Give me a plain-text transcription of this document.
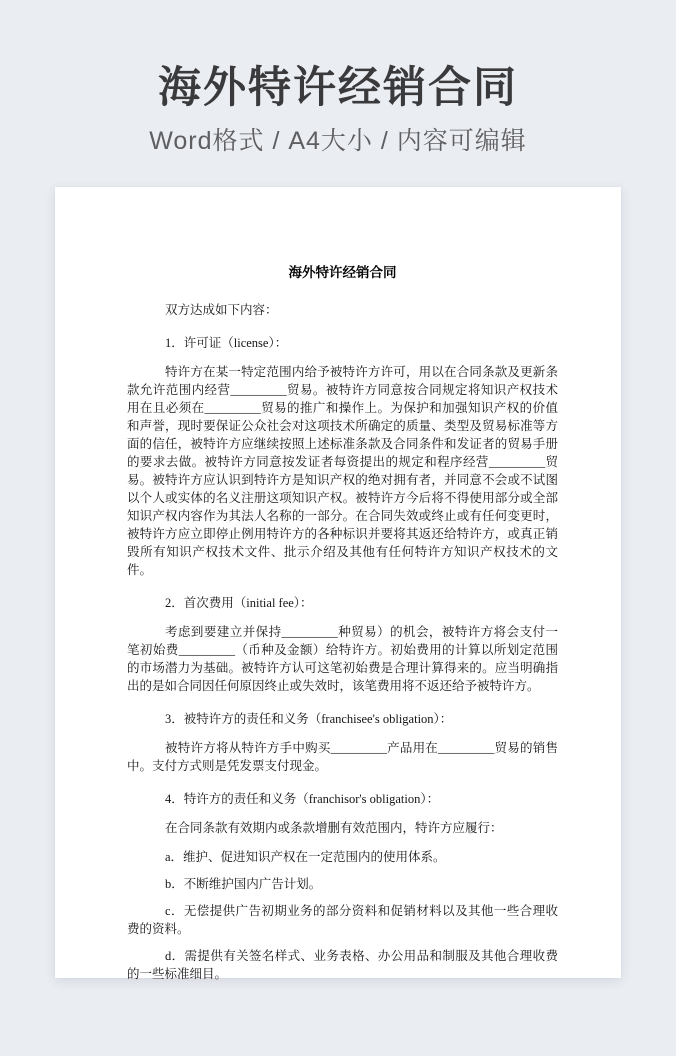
海外特许经销合同

Word格式 / A4大小 / 内容可编辑

海外特许经销合同

双方达成如下内容：

1．许可证（license）：

特许方在某一特定范围内给予被特许方许可，用以在合同条款及更新条款允许范围内经营_________贸易。被特许方同意按合同规定将知识产权技术用在且必须在_________贸易的推广和操作上。为保护和加强知识产权的价值和声誉，现时要保证公众社会对这项技术所确定的质量、类型及贸易标准等方面的信任，被特许方应继续按照上述标准条款及合同条件和发证者的贸易手册的要求去做。被特许方同意按发证者每资提出的规定和程序经营_________贸易。被特许方应认识到特许方是知识产权的绝对拥有者，并同意不会或不试图以个人或实体的名义注册这项知识产权。被特许方今后将不得使用部分或全部知识产权内容作为其法人名称的一部分。在合同失效或终止或有任何变更时，被特许方应立即停止例用特许方的各种标识并要将其返还给特许方，或真正销毁所有知识产权技术文件、批示介绍及其他有任何特许方知识产权技术的文件。

2．首次费用（initial fee）：

考虑到要建立并保持_________种贸易）的机会，被特许方将会支付一笔初始费_________（币种及金额）给特许方。初始费用的计算以所划定范围的市场潜力为基础。被特许方认可这笔初始费是合理计算得来的。应当明确指出的是如合同因任何原因终止或失效时，该笔费用将不返还给予被特许方。

3．被特许方的责任和义务（franchisee's obligation）：

被特许方将从特许方手中购买_________产品用在_________贸易的销售中。支付方式则是凭发票支付现金。

4．特许方的责任和义务（franchisor's obligation）：

在合同条款有效期内或条款增删有效范围内，特许方应履行：

a．维护、促进知识产权在一定范围内的使用体系。

b．不断维护国内广告计划。

c．无偿提供广告初期业务的部分资料和促销材料以及其他一些合理收费的资料。

d．需提供有关签名样式、业务表格、办公用品和制服及其他合理收费的一些标准细目。
